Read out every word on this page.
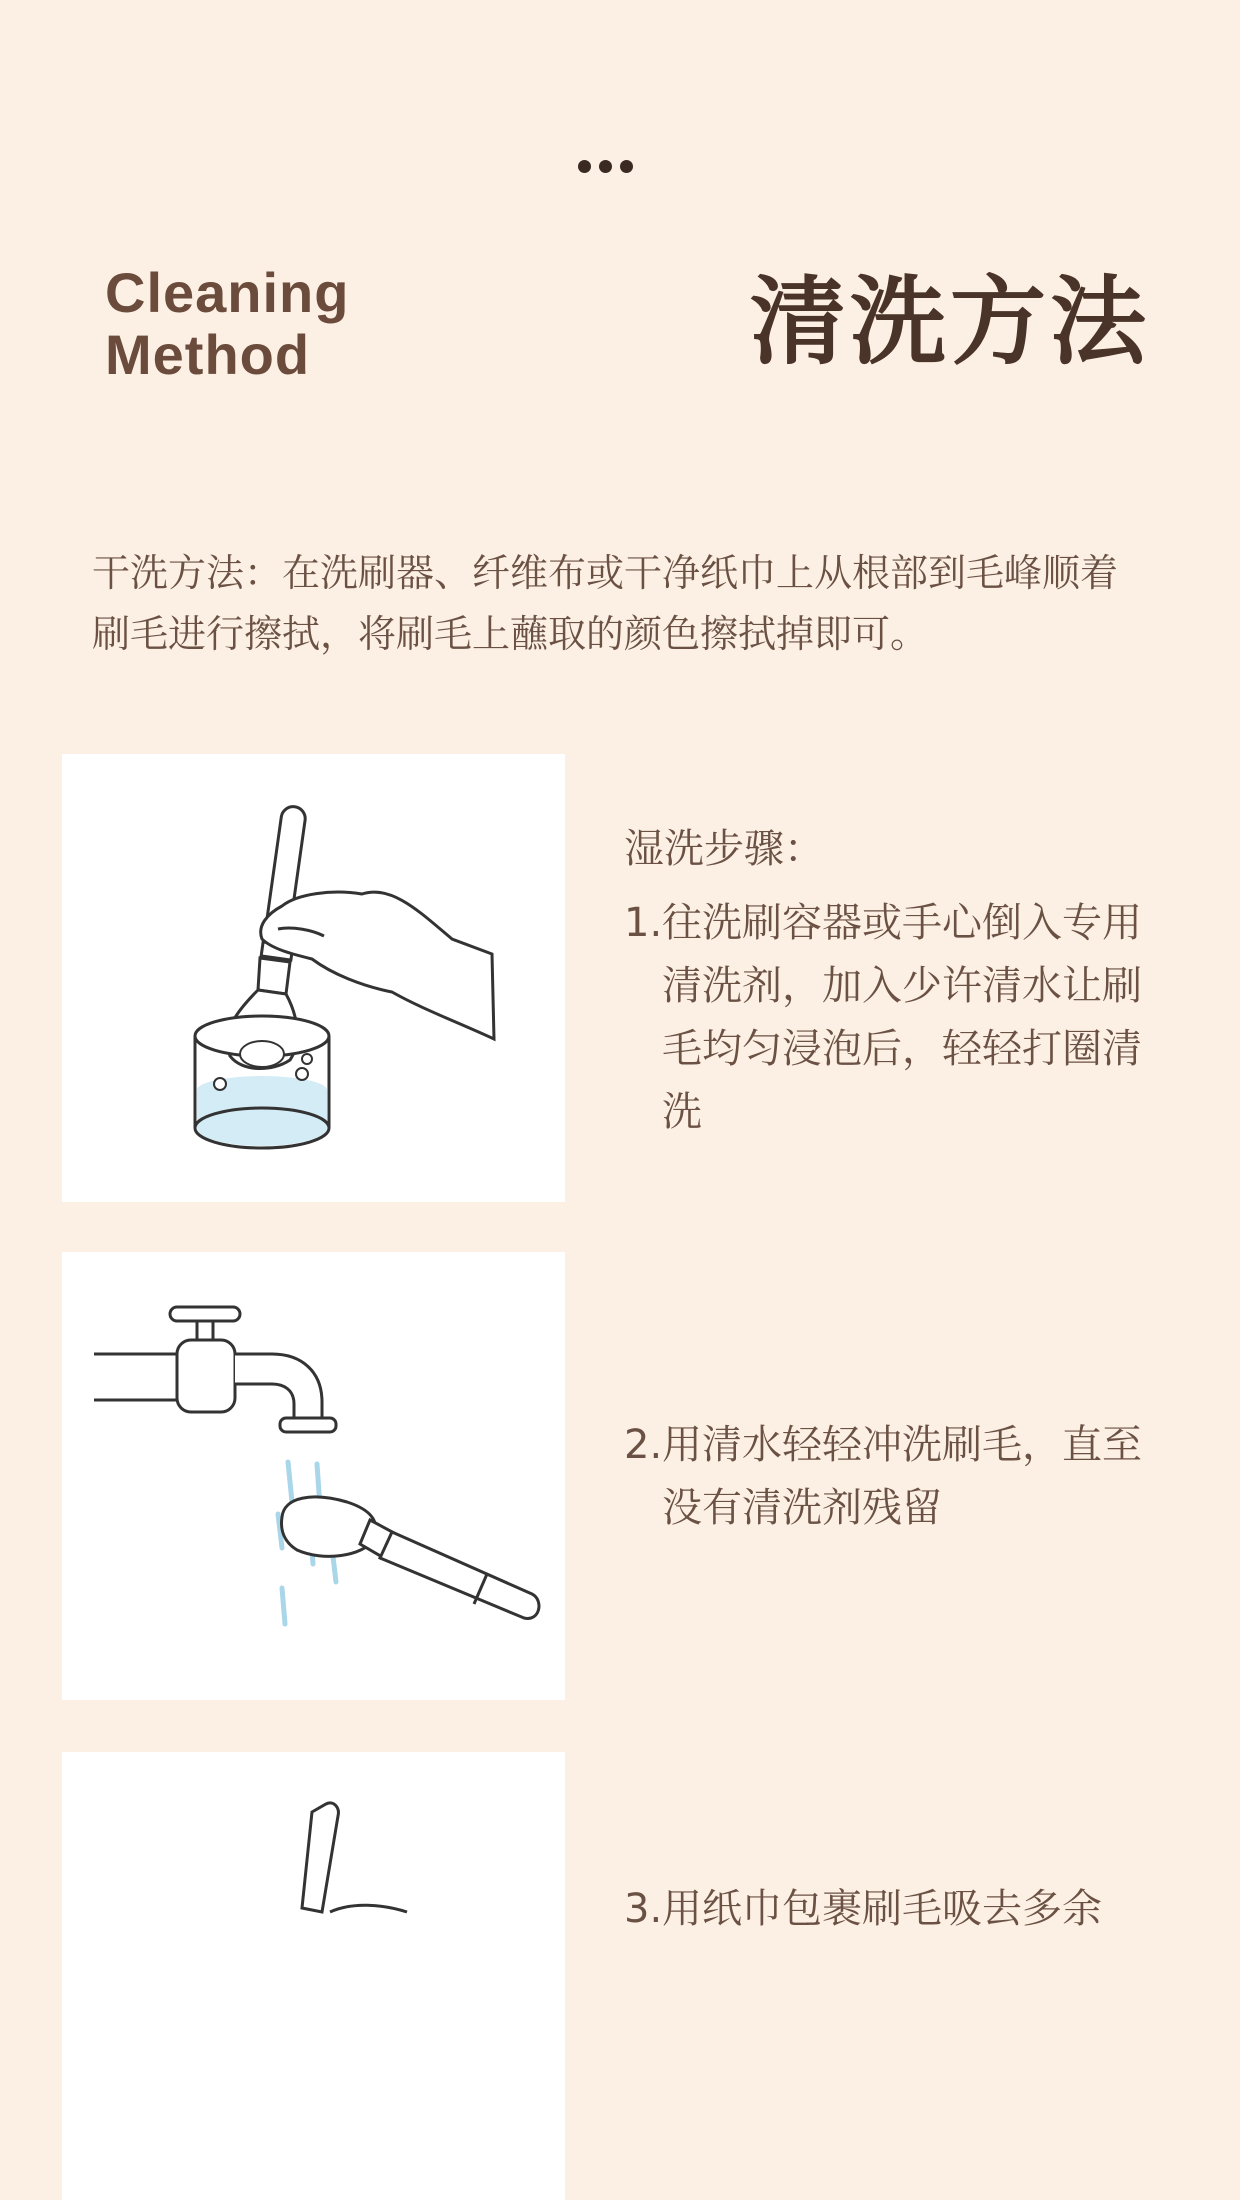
Cleaning
Method	清洗方法
干洗方法：在洗刷器、纤维布或干净纸巾上从根部到毛峰顺着刷毛进行擦拭，将刷毛上蘸取的颜色擦拭掉即可。
湿洗步骤：
1. 往洗刷容器或手心倒入专用清洗剂，加入少许清水让刷毛均匀浸泡后，轻轻打圈清洗
2. 用清水轻轻冲洗刷毛，直至没有清洗剂残留
3. 用纸巾包裹刷毛吸去多余
